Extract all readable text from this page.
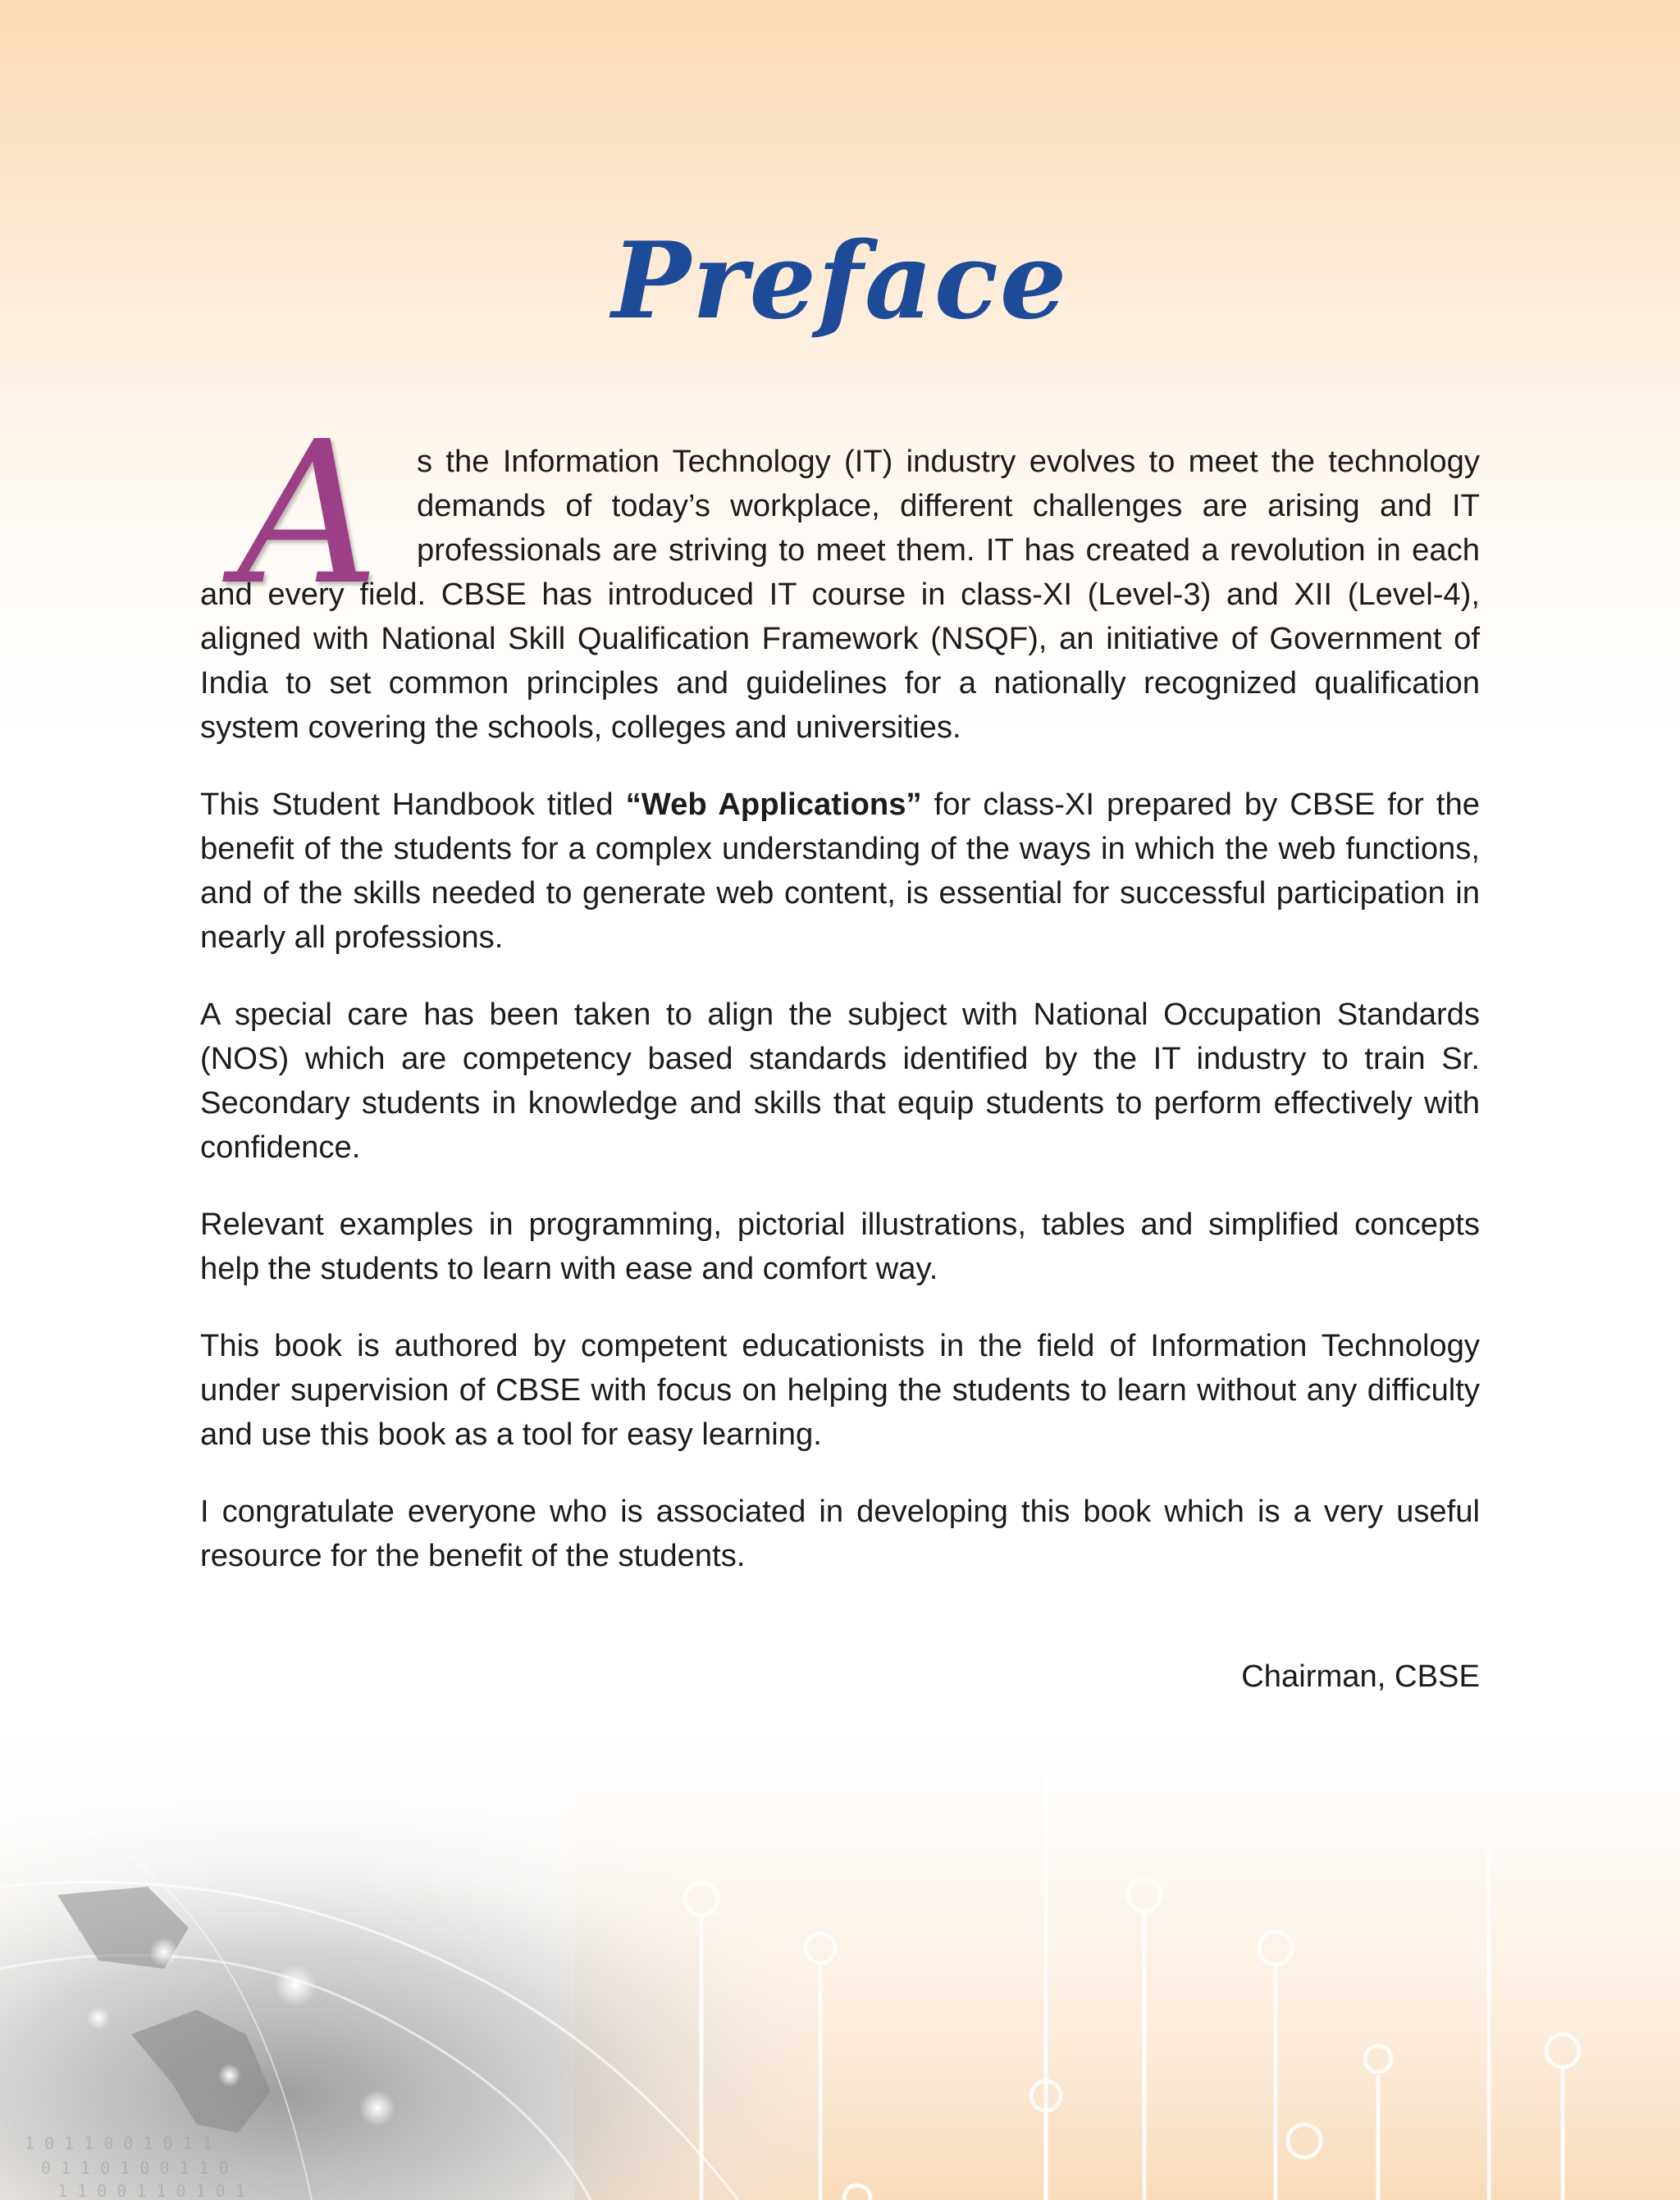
1 0 1 1 0 0 1 0 1 1
0 1 1 0 1 0 0 1 1 0
1 1 0 0 1 1 0 1 0 1
Preface

A	s the Information Technology (IT) industry evolves to meet the technology demands of today’s workplace, different challenges are arising and IT professionals are striving to meet them. IT has created a revolution in each and every field. CBSE has introduced IT course in class-XI (Level-3) and XII (Level-4), aligned with National Skill Qualification Framework (NSQF), an initiative of Government of India to set common principles and guidelines for a nationally recognized qualification system covering the schools, colleges and universities.

This Student Handbook titled “Web Applications” for class-XI prepared by CBSE for the benefit of the students for a complex understanding of the ways in which the web functions, and of the skills needed to generate web content, is essential for successful participation in nearly all professions.

A special care has been taken to align the subject with National Occupation Standards (NOS) which are competency based standards identified by the IT industry to train Sr. Secondary students in knowledge and skills that equip students to perform effectively with confidence.

Relevant examples in programming, pictorial illustrations, tables and simplified concepts help the students to learn with ease and comfort way.

This book is authored by competent educationists in the field of Information Technology under supervision of CBSE with focus on helping the students to learn without any difficulty and use this book as a tool for easy learning.

I congratulate everyone who is associated in developing this book which is a very useful resource for the benefit of the students.

Chairman, CBSE
